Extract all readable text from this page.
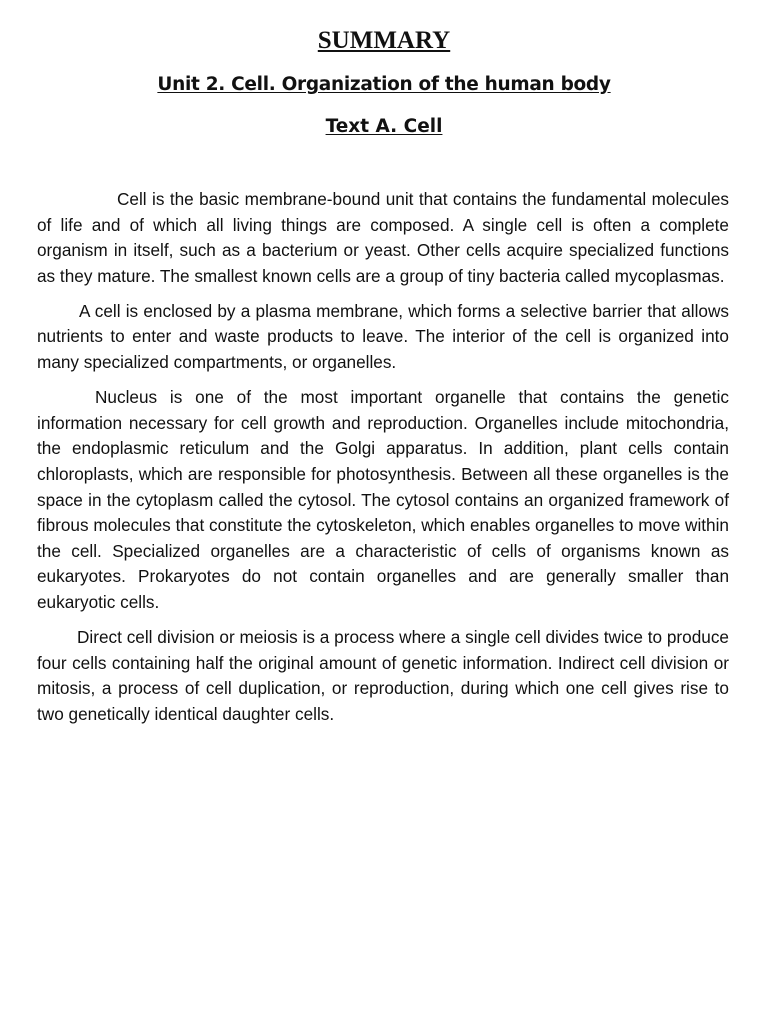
SUMMARY
Unit 2. Cell. Organization of the human body
Text A. Cell

Cell is the basic membrane-bound unit that contains the fundamental molecules of life and of which all living things are composed. A single cell is often a complete organism in itself, such as a bacterium or yeast. Other cells acquire specialized functions as they mature. The smallest known cells are a group of tiny bacteria called mycoplasmas.

A cell is enclosed by a plasma membrane, which forms a selective barrier that allows nutrients to enter and waste products to leave. The interior of the cell is organized into many specialized compartments, or organelles.

Nucleus is one of the most important organelle that contains the genetic information necessary for cell growth and reproduction. Organelles include mitochondria, the endoplasmic reticulum and the Golgi apparatus. In addition, plant cells contain chloroplasts, which are responsible for photosynthesis. Between all these organelles is the space in the cytoplasm called the cytosol. The cytosol contains an organized framework of fibrous molecules that constitute the cytoskeleton, which enables organelles to move within the cell. Specialized organelles are a characteristic of cells of organisms known as eukaryotes. Prokaryotes do not contain organelles and are generally smaller than eukaryotic cells.

Direct cell division or meiosis is a process where a single cell divides twice to produce four cells containing half the original amount of genetic information. Indirect cell division or mitosis, a process of cell duplication, or reproduction, during which one cell gives rise to two genetically identical daughter cells.
